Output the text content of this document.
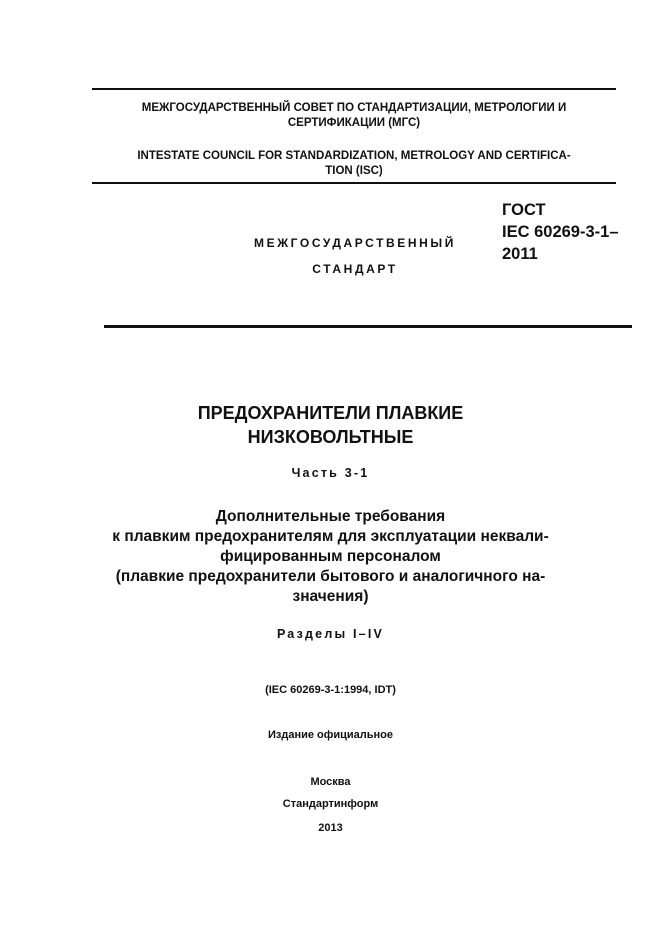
МЕЖГОСУДАРСТВЕННЫЙ СОВЕТ ПО СТАНДАРТИЗАЦИИ, МЕТРОЛОГИИ И
СЕРТИФИКАЦИИ (МГС)
INTESTATE COUNCIL FOR STANDARDIZATION, METROLOGY AND CERTIFICA-
TION (ISC)
МЕЖГОСУДАРСТВЕННЫЙ
СТАНДАРТ
ГОСТ
IEC 60269-3-1–
2011
ПРЕДОХРАНИТЕЛИ ПЛАВКИЕ
НИЗКОВОЛЬТНЫЕ
Часть 3-1
Дополнительные требования
к плавким предохранителям для эксплуатации неквали-
фицированным персоналом
(плавкие предохранители бытового и аналогичного на-
значения)
Разделы I–IV
(IEC 60269-3-1:1994, IDT)
Издание официальное
Москва
Стандартинформ
2013
